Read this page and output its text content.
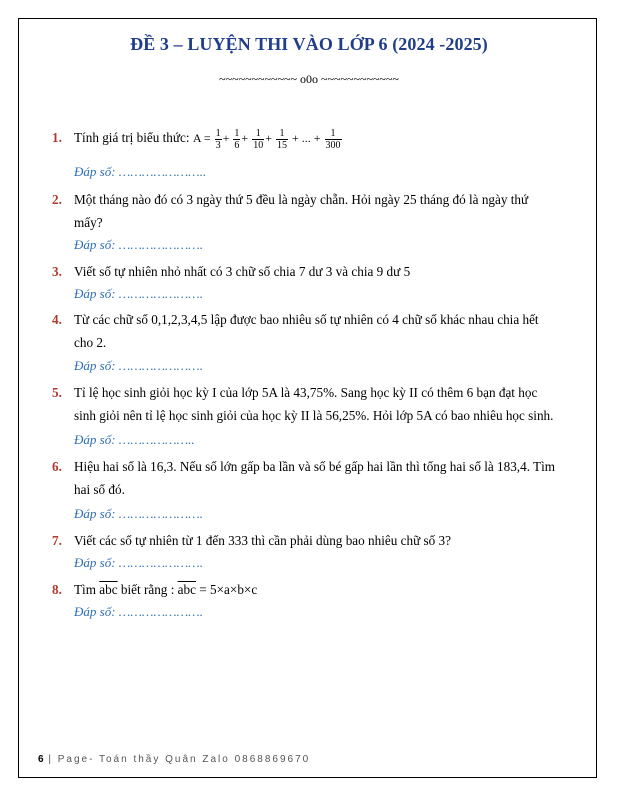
ĐỀ 3 – LUYỆN THI VÀO LỚP 6 (2024 -2025)
~~~~~~~~~~~~ o0o ~~~~~~~~~~~~
1. Tính giá trị biểu thức: $A = \frac{1}{3} + \frac{1}{6} + \frac{1}{10} + \frac{1}{15}$ + ... + $\frac{1}{300}$
Đáp số: …………………..
2. Một tháng nào đó có 3 ngày thứ 5 đều là ngày chẵn. Hỏi ngày 25 tháng đó là ngày thứ
mấy?
Đáp số: ………………….
3. Viết số tự nhiên nhỏ nhất có 3 chữ số chia 7 dư 3 và chia 9 dư 5
Đáp số: ………………….
4. Từ các chữ số 0,1,2,3,4,5 lập được bao nhiêu số tự nhiên có 4 chữ số khác nhau chia hết
cho 2.
Đáp số: ………………….
5. Tỉ lệ học sinh giỏi học kỳ I của lớp 5A là 43,75%. Sang học kỳ II có thêm 6 bạn đạt học
sinh giỏi nên tỉ lệ học sinh giỏi của học kỳ II là 56,25%. Hỏi lớp 5A có bao nhiêu học sinh.
Đáp số: ………………..
6. Hiệu hai số là 16,3. Nếu số lớn gấp ba lần và số bé gấp hai lần thì tổng hai số là 183,4. Tìm
hai số đó.
Đáp số: ………………….
7. Viết các số tự nhiên từ 1 đến 333 thì cần phải dùng bao nhiêu chữ số 3?
Đáp số: ………………….
8. Tìm $\overline{abc}$ biết rằng : $\overline{abc} = 5\times a\times b\times c$
Đáp số: ………………….
6 | Page- Toán thầy Quân Zalo 0868869670
